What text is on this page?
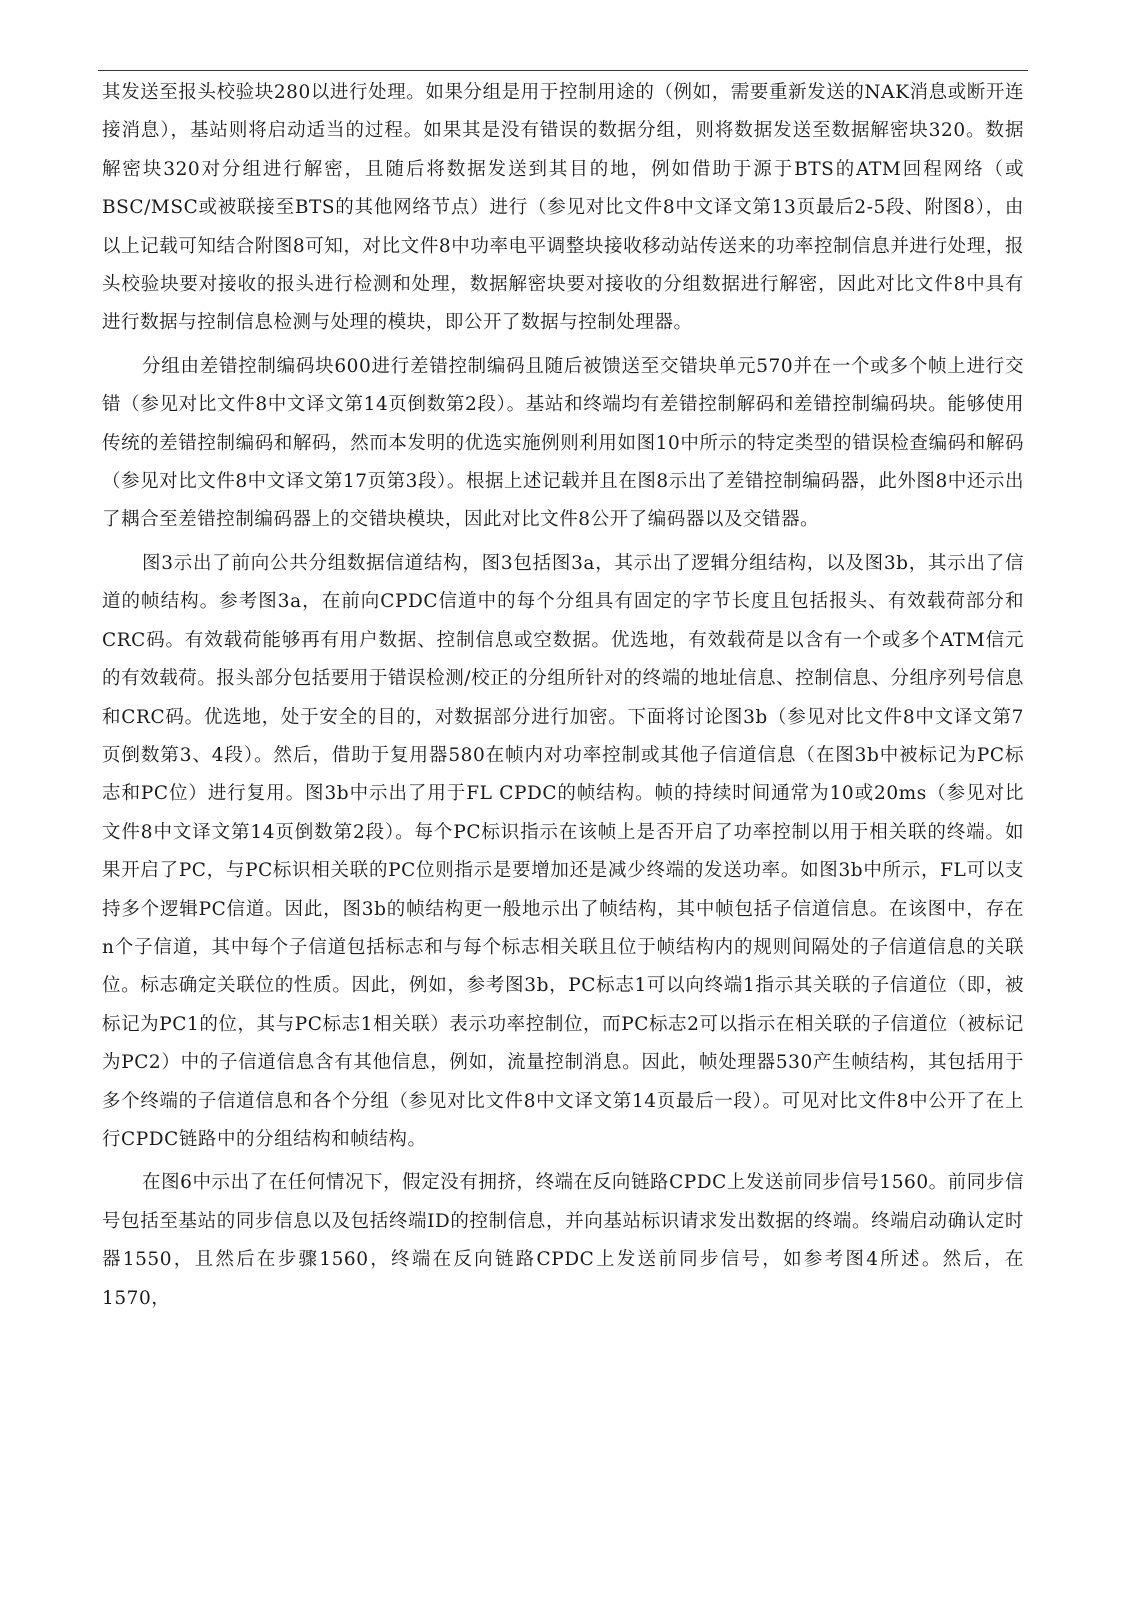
其发送至报头校验块280以进行处理。如果分组是用于控制用途的（例如，需要重新发送的NAK消息或断开连接消息），基站则将启动适当的过程。如果其是没有错误的数据分组，则将数据发送至数据解密块320。数据解密块320对分组进行解密，且随后将数据发送到其目的地，例如借助于源于BTS的ATM回程网络（或BSC/MSC或被联接至BTS的其他网络节点）进行（参见对比文件8中文译文第13页最后2-5段、附图8），由以上记载可知结合附图8可知，对比文件8中功率电平调整块接收移动站传送来的功率控制信息并进行处理，报头校验块要对接收的报头进行检测和处理，数据解密块要对接收的分组数据进行解密，因此对比文件8中具有进行数据与控制信息检测与处理的模块，即公开了数据与控制处理器。

分组由差错控制编码块600进行差错控制编码且随后被馈送至交错块单元570并在一个或多个帧上进行交错（参见对比文件8中文译文第14页倒数第2段）。基站和终端均有差错控制解码和差错控制编码块。能够使用传统的差错控制编码和解码，然而本发明的优选实施例则利用如图10中所示的特定类型的错误检查编码和解码（参见对比文件8中文译文第17页第3段）。根据上述记载并且在图8示出了差错控制编码器，此外图8中还示出了耦合至差错控制编码器上的交错块模块，因此对比文件8公开了编码器以及交错器。

图3示出了前向公共分组数据信道结构，图3包括图3a，其示出了逻辑分组结构，以及图3b，其示出了信道的帧结构。参考图3a，在前向CPDC信道中的每个分组具有固定的字节长度且包括报头、有效载荷部分和CRC码。有效载荷能够再有用户数据、控制信息或空数据。优选地，有效载荷是以含有一个或多个ATM信元的有效载荷。报头部分包括要用于错误检测/校正的分组所针对的终端的地址信息、控制信息、分组序列号信息和CRC码。优选地，处于安全的目的，对数据部分进行加密。下面将讨论图3b（参见对比文件8中文译文第7页倒数第3、4段）。然后，借助于复用器580在帧内对功率控制或其他子信道信息（在图3b中被标记为PC标志和PC位）进行复用。图3b中示出了用于FL CPDC的帧结构。帧的持续时间通常为10或20ms（参见对比文件8中文译文第14页倒数第2段）。每个PC标识指示在该帧上是否开启了功率控制以用于相关联的终端。如果开启了PC，与PC标识相关联的PC位则指示是要增加还是减少终端的发送功率。如图3b中所示，FL可以支持多个逻辑PC信道。因此，图3b的帧结构更一般地示出了帧结构，其中帧包括子信道信息。在该图中，存在n个子信道，其中每个子信道包括标志和与每个标志相关联且位于帧结构内的规则间隔处的子信道信息的关联位。标志确定关联位的性质。因此，例如，参考图3b，PC标志1可以向终端1指示其关联的子信道位（即，被标记为PC1的位，其与PC标志1相关联）表示功率控制位，而PC标志2可以指示在相关联的子信道位（被标记为PC2）中的子信道信息含有其他信息，例如，流量控制消息。因此，帧处理器530产生帧结构，其包括用于多个终端的子信道信息和各个分组（参见对比文件8中文译文第14页最后一段）。可见对比文件8中公开了在上行CPDC链路中的分组结构和帧结构。

在图6中示出了在任何情况下，假定没有拥挤，终端在反向链路CPDC上发送前同步信号1560。前同步信号包括至基站的同步信息以及包括终端ID的控制信息，并向基站标识请求发出数据的终端。终端启动确认定时器1550，且然后在步骤1560，终端在反向链路CPDC上发送前同步信号，如参考图4所述。然后，在1570，
